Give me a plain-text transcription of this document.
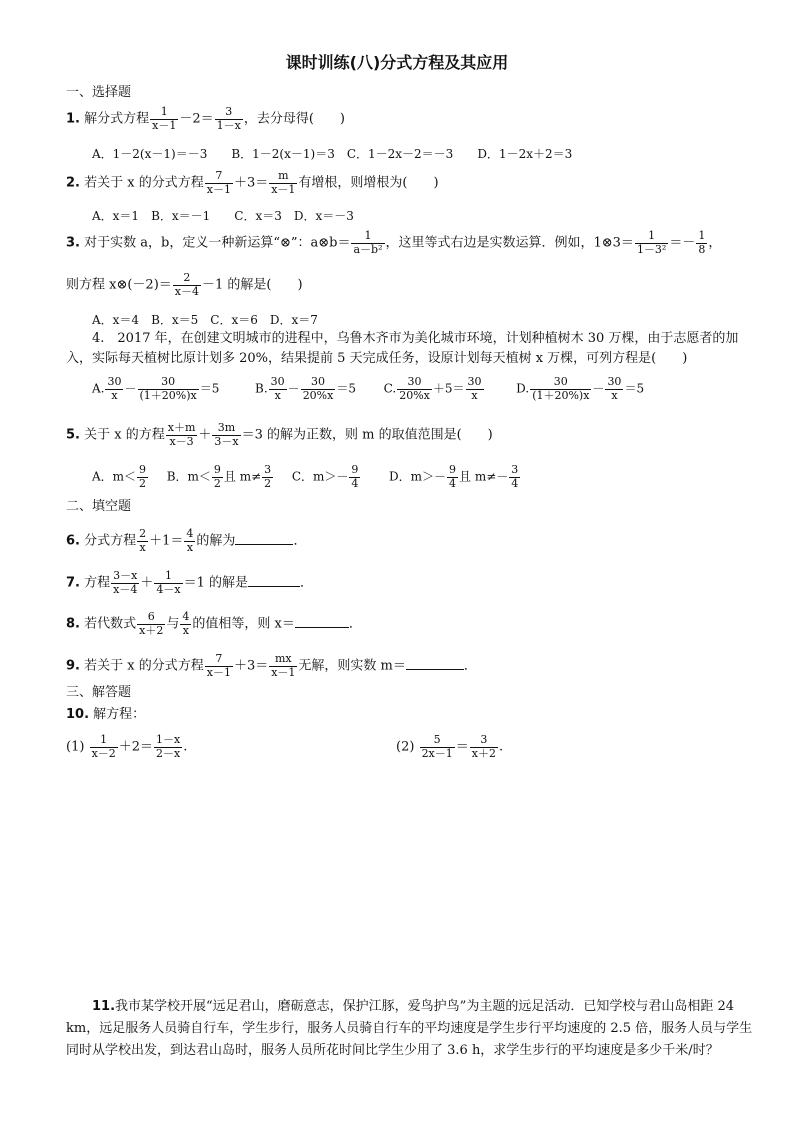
课时训练(八)分式方程及其应用
一、选择题
1. 解分式方程 $\frac{1}{x-1} -2= \frac{3}{1-x}$ ，去分母得(　　)
A．1－2(x－1)＝－3　　B．1－2(x－1)＝3　C．1－2x－2＝－3　　D．1－2x＋2＝3
2. 若关于 x 的分式方程 $\frac{7}{x-1} +3= \frac{m}{x-1}$ 有增根，则增根为(　　)
A．x＝1　B．x＝－1　　C．x＝3　D．x＝－3
3. 对于实数 a，b，定义一种新运算“⊗”：a⊗b＝ $\frac{1}{\text{a－b²}}$ ，这里等式右边是实数运算．例如，1⊗3＝ $\frac{1}{\text{1－3²}} =- \frac{1}{8}$ ，
则方程 x⊗(－2)＝ $\frac{2}{x-4} -1$ 的解是(　　)
A．x＝4　B．x＝5　C．x＝6　D．x＝7
4.　2017 年，在创建文明城市的进程中，乌鲁木齐市为美化城市环境，计划种植树木 30 万棵，由于志愿者的加入，实际每天植树比原计划多 20%，结果提前 5 天完成任务，设原计划每天植树 x 万棵，可列方程是(　　)
A. $\frac{30}{x} - \frac{30}{(1+20\%)x} =5$	B. $\frac{30}{x} - \frac{30}{20\%x} =5$ C. $\frac{30}{20\%x} +5= \frac{30}{x}$	D. $\frac{30}{(1+20\%)x} - \frac{30}{x} =5$
5. 关于 x 的方程 $\frac{x+m}{x-3} + \frac{3m}{3-x} =3$ 的解为正数，则 m 的取值范围是(　　)
A．$m< \frac{9}{2}$ B．$m< \frac{9}{2}$ 且 $m\ne \frac{3}{2}$ C．$m>- \frac{9}{4}$ D．$m>- \frac{9}{4}$ 且 $m\ne- \frac{3}{4}$
二、填空题
6. 分式方程 $\frac{2}{x} +1= \frac{4}{x}$ 的解为	．
7. 方程 $\frac{3-x}{x-4} + \frac{1}{4-x} =1$ 的解是	．
8. 若代数式 $\frac{6}{x+2}$ 与 $\frac{4}{x}$ 的值相等，则 x＝	．
9. 若关于 x 的分式方程 $\frac{7}{x-1} +3= \frac{mx}{x-1}$ 无解，则实数 m＝	．
三、解答题
10. 解方程：
$(1) \frac{1}{x-2} +2= \frac{1-x}{2-x}$ .	$(2) \frac{5}{2x-1} = \frac{3}{x+2}$ .
11.我市某学校开展“远足君山，磨砺意志，保护江豚，爱鸟护鸟”为主题的远足活动．已知学校与君山岛相距 24 km，远足服务人员骑自行车，学生步行，服务人员骑自行车的平均速度是学生步行平均速度的 2.5 倍，服务人员与学生同时从学校出发，到达君山岛时，服务人员所花时间比学生少用了 3.6 h，求学生步行的平均速度是多少千米/时？
